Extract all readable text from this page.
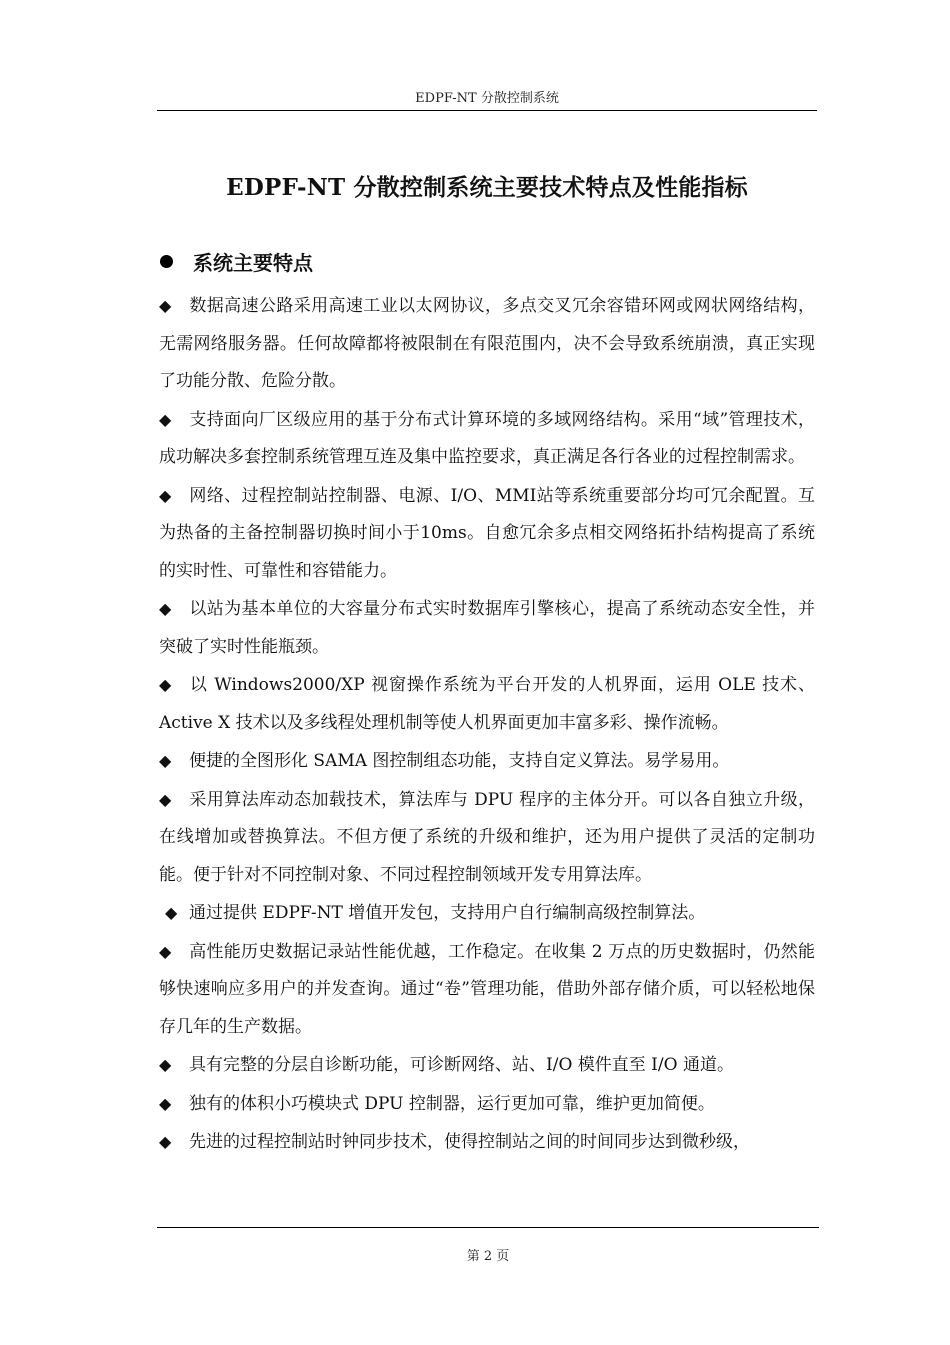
EDPF-NT 分散控制系统
EDPF-NT 分散控制系统主要技术特点及性能指标
系统主要特点

◆ 数据高速公路采用高速工业以太网协议，多点交叉冗余容错环网或网状网络结构，无需网络服务器。任何故障都将被限制在有限范围内，决不会导致系统崩溃，真正实现了功能分散、危险分散。

◆ 支持面向厂区级应用的基于分布式计算环境的多域网络结构。采用“域”管理技术，成功解决多套控制系统管理互连及集中监控要求，真正满足各行各业的过程控制需求。

◆ 网络、过程控制站控制器、电源、I/O、MMI站等系统重要部分均可冗余配置。互为热备的主备控制器切换时间小于10ms。自愈冗余多点相交网络拓扑结构提高了系统的实时性、可靠性和容错能力。

◆ 以站为基本单位的大容量分布式实时数据库引擎核心，提高了系统动态安全性，并突破了实时性能瓶颈。

◆ 以 Windows2000/XP 视窗操作系统为平台开发的人机界面，运用 OLE 技术、Active X 技术以及多线程处理机制等使人机界面更加丰富多彩、操作流畅。

◆ 便捷的全图形化 SAMA 图控制组态功能，支持自定义算法。易学易用。

◆ 采用算法库动态加载技术，算法库与 DPU 程序的主体分开。可以各自独立升级，在线增加或替换算法。不但方便了系统的升级和维护，还为用户提供了灵活的定制功能。便于针对不同控制对象、不同过程控制领域开发专用算法库。

◆ 通过提供 EDPF-NT 增值开发包，支持用户自行编制高级控制算法。

◆ 高性能历史数据记录站性能优越，工作稳定。在收集 2 万点的历史数据时，仍然能够快速响应多用户的并发查询。通过“卷”管理功能，借助外部存储介质，可以轻松地保存几年的生产数据。

◆ 具有完整的分层自诊断功能，可诊断网络、站、I/O 模件直至 I/O 通道。

◆ 独有的体积小巧模块式 DPU 控制器，运行更加可靠，维护更加简便。

◆ 先进的过程控制站时钟同步技术，使得控制站之间的时间同步达到微秒级，

第 2 页
